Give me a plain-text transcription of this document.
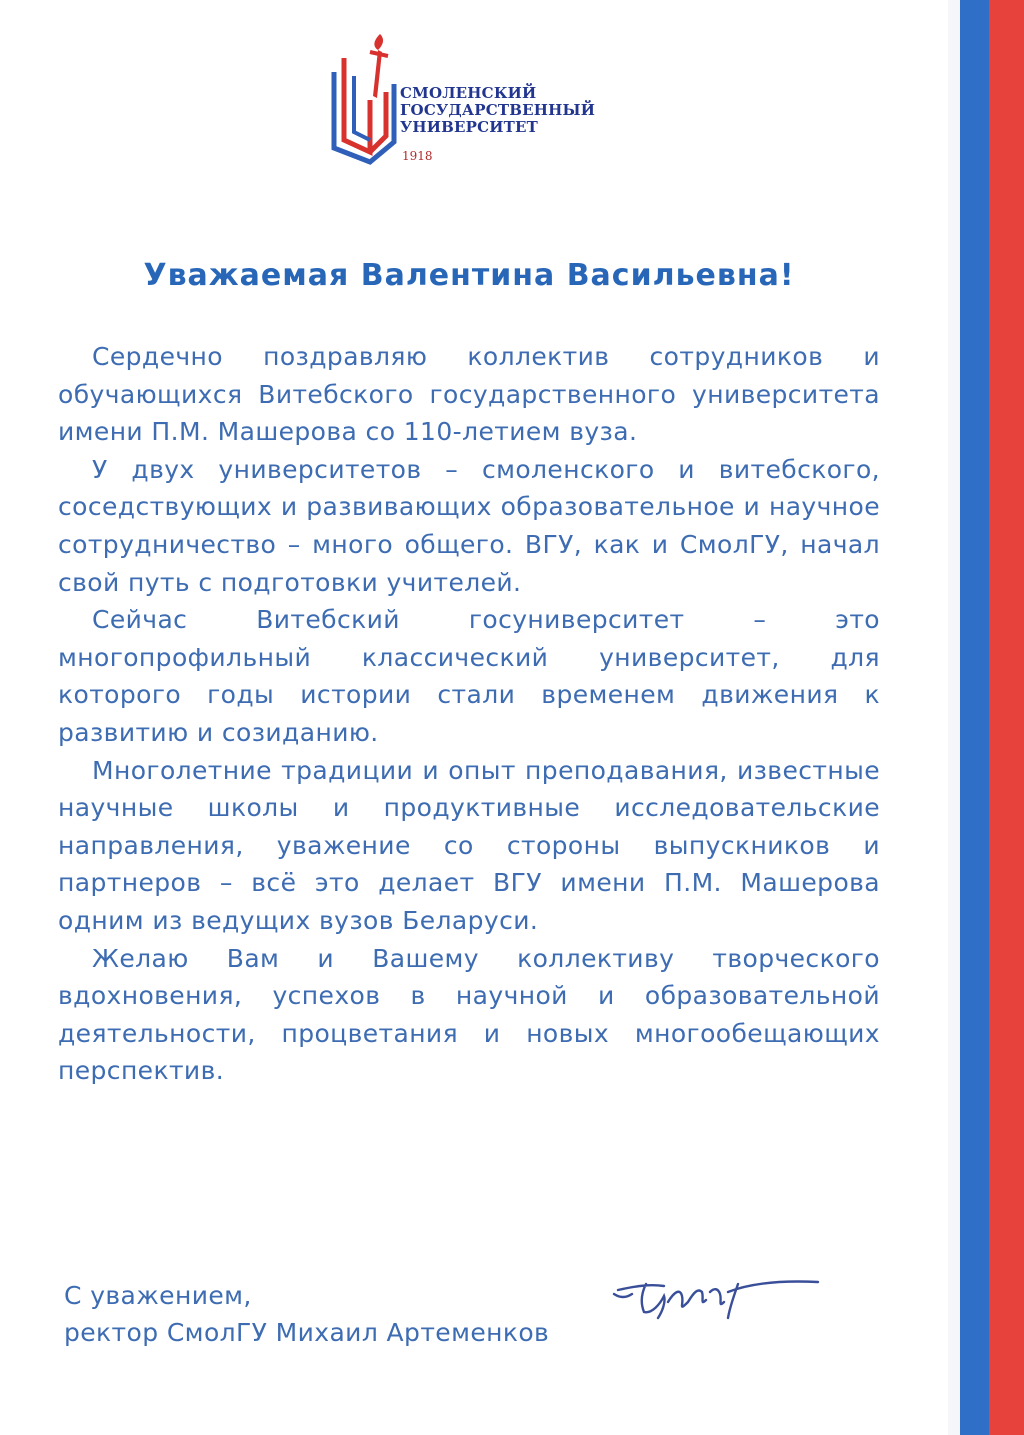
СМОЛЕНСКИЙ
ГОСУДАРСТВЕННЫЙ
УНИВЕРСИТЕТ
1918
Уважаемая Валентина Васильевна!

Сердечно поздравляю коллектив сотрудников и обучающихся Витебского государственного университета имени П.М. Машерова со 110-летием вуза.

У двух университетов – смоленского и витебского, соседствующих и развивающих образовательное и научное сотрудничество – много общего. ВГУ, как и СмолГУ, начал свой путь с подготовки учителей.

Сейчас Витебский госуниверситет – это многопрофильный классический университет, для которого годы истории стали временем движения к развитию и созиданию.

Многолетние традиции и опыт преподавания, известные научные школы и продуктивные исследовательские направления, уважение со стороны выпускников и партнеров – всё это делает ВГУ имени П.М. Машерова одним из ведущих вузов Беларуси.

Желаю Вам и Вашему коллективу творческого вдохновения, успехов в научной и образовательной деятельности, процветания и новых многообещающих перспектив.

С уважением,
ректор СмолГУ Михаил Артеменков
